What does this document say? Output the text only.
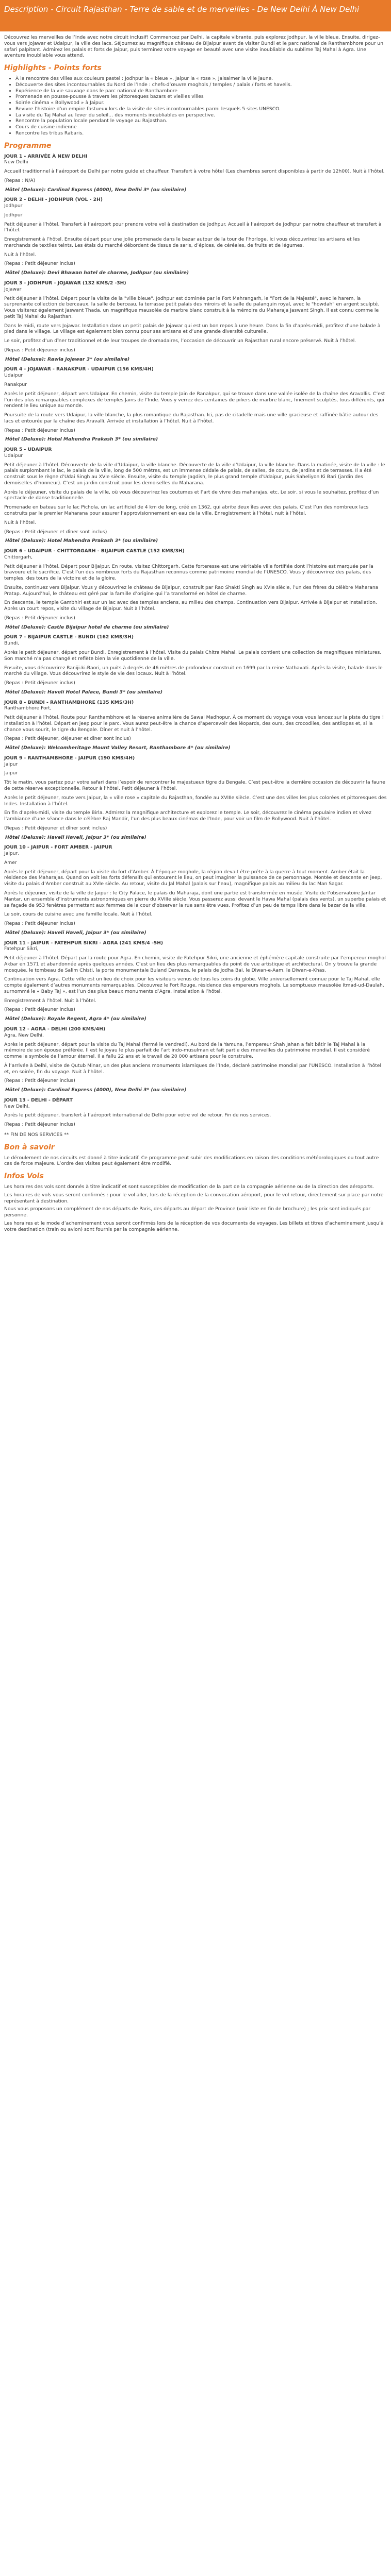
Description - Circuit Rajasthan - Terre de sable et de merveilles - De New Delhi À New Delhi

Découvrez les merveilles de l’Inde avec notre circuit inclusif! Commencez par Delhi, la capitale vibrante, puis explorez Jodhpur, la ville bleue. Ensuite, dirigez-vous vers Jojawar et Udaipur, la ville des lacs. Séjournez au magnifique château de Bijaipur avant de visiter Bundi et le parc national de Ranthambhore pour un safari palpitant. Admirez les palais et forts de Jaipur, puis terminez votre voyage en beauté avec une visite inoubliable du sublime Taj Mahal à Agra. Une aventure inoubliable vous attend.

Highlights - Points forts
• À la rencontre des villes aux couleurs pastel : Jodhpur la « bleue », Jaipur la « rose », Jaisalmer la ville jaune.
• Découverte des sites incontournables du Nord de l’Inde : chefs-d’œuvre moghols / temples / palais / forts et havelis.
• Expérience de la vie sauvage dans le parc national de Ranthambore
• Promenade en pousse-pousse à travers les pittoresques bazars et vieilles villes
• Soirée cinéma « Bollywood » à Jaipur.
• Revivre l’histoire d’un empire fastueux lors de la visite de sites incontournables parmi lesquels 5 sites UNESCO.
• La visite du Taj Mahal au lever du soleil… des moments inoubliables en perspective.
• Rencontre la population locale pendant le voyage au Rajasthan.
• Cours de cuisine indienne
• Rencontre les tribus Rabaris.
Programme

JOUR 1 - ARRIVÉE À NEW DELHI

New Delhi

Accueil traditionnel à l’aéroport de Delhi par notre guide et chauffeur. Transfert à votre hôtel (Les chambres seront disponibles à partir de 12h00). Nuit à l’hôtel.

(Repas : N/A)

Hôtel (Deluxe): Cardinal Express (4000), New Delhi 3* (ou similaire)

JOUR 2 - DELHI - JODHPUR (VOL - 2H)

Jodhpur

Jodhpur

Petit déjeuner à l’hôtel. Transfert à l’aéroport pour prendre votre vol à destination de Jodhpur. Accueil à l’aéroport de Jodhpur par notre chauffeur et transfert à l’hôtel.

Enregistrement à l’hôtel. Ensuite départ pour une jolie promenade dans le bazar autour de la tour de l’horloge. Ici vous découvrirez les artisans et les marchands de textiles teints. Les étals du marché débordent de tissus de saris, d’épices, de céréales, de fruits et de légumes.

Nuit à l’hôtel.

(Repas : Petit déjeuner inclus)

Hôtel (Deluxe): Devi Bhawan hotel de charme, Jodhpur (ou similaire)

JOUR 3 - JODHPUR - JOJAWAR (132 KMS/2 -3H)

Jojawar

Petit déjeuner à l’hôtel. Départ pour la visite de la "ville bleue". Jodhpur est dominée par le Fort Mehrangarh, le "Fort de la Majesté", avec le harem, la surprenante collection de berceaux, la salle de berceau, la terrasse petit palais des miroirs et la salle du palanquin royal, avec le "howdah" en argent sculpté. Vous visiterez également Jaswant Thada, un magnifique mausolée de marbre blanc construit à la mémoire du Maharaja Jaswant Singh. Il est connu comme le petit Taj Mahal du Rajasthan.

Dans le midi, route vers Jojawar. Installation dans un petit palais de Jojawar qui est un bon repos à une heure. Dans la fin d’après-midi, profitez d’une balade à pied dans le village. Le village est également bien connu pour ses artisans et d’une grande diversité culturelle.

Le soir, profitez d’un dîner traditionnel et de leur troupes de dromadaires, l’occasion de découvrir un Rajasthan rural encore préservé. Nuit à l’hôtel.

(Repas : Petit déjeuner inclus)

Hôtel (Deluxe): Rawla Jojawar 3* (ou similaire)

JOUR 4 - JOJAWAR - RANAKPUR - UDAIPUR (156 KMS/4H)

Udaipur

Ranakpur

Après le petit déjeuner, départ vers Udaipur. En chemin, visite du temple Jain de Ranakpur, qui se trouve dans une vallée isolée de la chaîne des Aravallis. C’est l’un des plus remarquables complexes de temples Jains de l’Inde. Vous y verrez des centaines de piliers de marbre blanc, finement sculptés, tous différents, qui rendent le lieu unique au monde.

Poursuite de la route vers Udaipur, la ville blanche, la plus romantique du Rajasthan. Ici, pas de citadelle mais une ville gracieuse et raffinée bâtie autour des lacs et entourée par la chaîne des Aravalli. Arrivée et installation à l’hôtel. Nuit à l’hôtel.

(Repas : Petit déjeuner inclus)

Hôtel (Deluxe): Hotel Mahendra Prakash 3* (ou similaire)

JOUR 5 - UDAIPUR

Udaipur

Petit déjeuner à l’hôtel. Découverte de la ville d’Udaipur, la ville blanche. Découverte de la ville d’Udaipur, la ville blanche. Dans la matinée, visite de la ville : le palais surplombant le lac, le palais de la ville, long de 500 mètres, est un immense dédale de palais, de salles, de cours, de jardins et de terrasses. Il a été construit sous le règne d’Udai Singh au XVIe siècle. Ensuite, visite du temple Jagdish, le plus grand temple d’Udaipur, puis Saheliyon Ki Bari (jardin des demoiselles d’honneur). C’est un jardin construit pour les demoiselles du Maharana.

Après le déjeuner, visite du palais de la ville, où vous découvrirez les coutumes et l’art de vivre des maharajas, etc. Le soir, si vous le souhaitez, profitez d’un spectacle de danse traditionnelle.

Promenade en bateau sur le lac Pichola, un lac artificiel de 4 km de long, créé en 1362, qui abrite deux îles avec des palais. C’est l’un des nombreux lacs construits par le premier Maharana pour assurer l’approvisionnement en eau de la ville. Enregistrement à l’hôtel, nuit à l’hôtel.

Nuit à l’hôtel.

(Repas : Petit déjeuner et dîner sont inclus)

Hôtel (Deluxe): Hotel Mahendra Prakash 3* (ou similaire)

JOUR 6 - UDAIPUR - CHITTORGARH - BIJAIPUR CASTLE (152 KMS/3H)

Chittorgarh,

Petit déjeuner à l’hôtel. Départ pour Bijaipur. En route, visitez Chittorgarh. Cette forteresse est une véritable ville fortifiée dont l’histoire est marquée par la bravoure et le sacrifice. C’est l’un des nombreux forts du Rajasthan reconnus comme patrimoine mondial de l’UNESCO. Vous y découvrirez des palais, des temples, des tours de la victoire et de la gloire.

Ensuite, continuez vers Bijaipur. Vous y découvrirez le château de Bijaipur, construit par Rao Shakti Singh au XVIe siècle, l’un des frères du célèbre Maharana Pratap. Aujourd’hui, le château est géré par la famille d’origine qui l’a transformé en hôtel de charme.

En descente, le temple Gambhiri est sur un lac avec des temples anciens, au milieu des champs. Continuation vers Bijaipur. Arrivée à Bijaipur et installation. Après un court repos, visite du village de Bijaipur. Nuit à l’hôtel.

(Repas : Petit déjeuner inclus)

Hôtel (Deluxe): Castle Bijaipur hotel de charme (ou similaire)

JOUR 7 - BIJAIPUR CASTLE - BUNDI (162 KMS/3H)

Bundi,

Après le petit déjeuner, départ pour Bundi. Enregistrement à l’hôtel. Visite du palais Chitra Mahal. Le palais contient une collection de magnifiques miniatures. Son marché n’a pas changé et reflète bien la vie quotidienne de la ville.

Ensuite, vous découvrirez Raniji-ki-Baori, un puits à degrés de 46 mètres de profondeur construit en 1699 par la reine Nathavati. Après la visite, balade dans le marché du village. Vous découvrirez le style de vie des locaux. Nuit à l’hôtel.

(Repas : Petit déjeuner inclus)

Hôtel (Deluxe): Haveli Hotel Palace, Bundi 3* (ou similaire)

JOUR 8 - BUNDI - RANTHAMBHORE (135 KMS/3H)

Ranthambhore Fort,

Petit déjeuner à l’hôtel. Route pour Ranthambhore et la réserve animalière de Sawai Madhopur. À ce moment du voyage vous vous lancez sur la piste du tigre ! Installation à l’hôtel. Départ en jeep pour le parc. Vous aurez peut-être la chance d’apercevoir des léopards, des ours, des crocodiles, des antilopes et, si la chance vous sourit, le tigre du Bengale. Dîner et nuit à l’hôtel.

(Repas : Petit déjeuner, déjeuner et dîner sont inclus)

Hôtel (Deluxe): Welcomheritage Mount Valley Resort, Ranthambore 4* (ou similaire)

JOUR 9 - RANTHAMBHORE - JAIPUR (190 KMS/4H)

Jaipur

Jaipur

Tôt le matin, vous partez pour votre safari dans l’espoir de rencontrer le majestueux tigre du Bengale. C’est peut-être la dernière occasion de découvrir la faune de cette réserve exceptionnelle. Retour à l’hôtel. Petit déjeuner à l’hôtel.

Après le petit déjeuner, route vers Jaipur, la « ville rose » capitale du Rajasthan, fondée au XVIIIe siècle. C’est une des villes les plus colorées et pittoresques des Indes. Installation à l’hôtel.

En fin d’après-midi, visite du temple Birla. Admirez la magnifique architecture et explorez le temple. Le soir, découvrez le cinéma populaire indien et vivez l’ambiance d’une séance dans le célèbre Raj Mandir, l’un des plus beaux cinémas de l’Inde, pour voir un film de Bollywood. Nuit à l’hôtel.

(Repas : Petit déjeuner et dîner sont inclus)

Hôtel (Deluxe): Haveli Haveli, Jaipur 3* (ou similaire)

JOUR 10 - JAIPUR - FORT AMBER - JAIPUR

Jaipur,

Amer

Après le petit déjeuner, départ pour la visite du fort d’Amber. À l’époque moghole, la région devait être prête à la guerre à tout moment. Amber était la résidence des Maharajas. Quand on voit les forts défensifs qui entourent le lieu, on peut imaginer la puissance de ce personnage. Montée et descente en jeep, visite du palais d’Amber construit au XVIe siècle. Au retour, visite du Jal Mahal (palais sur l’eau), magnifique palais au milieu du lac Man Sagar.

Après le déjeuner, visite de la ville de Jaipur : le City Palace, le palais du Maharaja, dont une partie est transformée en musée. Visite de l’observatoire Jantar Mantar, un ensemble d’instruments astronomiques en pierre du XVIIIe siècle. Vous passerez aussi devant le Hawa Mahal (palais des vents), un superbe palais et sa façade de 953 fenêtres permettant aux femmes de la cour d’observer la rue sans être vues. Profitez d’un peu de temps libre dans le bazar de la ville.

Le soir, cours de cuisine avec une famille locale. Nuit à l’hôtel.

(Repas : Petit déjeuner inclus)

Hôtel (Deluxe): Haveli Haveli, Jaipur 3* (ou similaire)

JOUR 11 - JAIPUR - FATEHPUR SIKRI - AGRA (241 KMS/4 -5H)

Fatehpur Sikri,

Petit déjeuner à l’hôtel. Départ par la route pour Agra. En chemin, visite de Fatehpur Sikri, une ancienne et éphémère capitale construite par l’empereur moghol Akbar en 1571 et abandonnée après quelques années. C’est un lieu des plus remarquables du point de vue artistique et architectural. On y trouve la grande mosquée, le tombeau de Salim Chisti, la porte monumentale Buland Darwaza, le palais de Jodha Bai, le Diwan-e-Aam, le Diwan-e-Khas.

Continuation vers Agra. Cette ville est un lieu de choix pour les visiteurs venus de tous les coins du globe. Ville universellement connue pour le Taj Mahal, elle compte également d’autres monuments remarquables. Découvrez le Fort Rouge, résidence des empereurs moghols. Le somptueux mausolée Itmad-ud-Daulah, surnommé le « Baby Taj », est l’un des plus beaux monuments d’Agra. Installation à l’hôtel.

Enregistrement à l’hôtel. Nuit à l’hôtel.

(Repas : Petit déjeuner inclus)

Hôtel (Deluxe): Royale Regent, Agra 4* (ou similaire)

JOUR 12 - AGRA - DELHI (200 KMS/4H)

Agra, New Delhi,

Après le petit déjeuner, départ pour la visite du Taj Mahal (fermé le vendredi). Au bord de la Yamuna, l’empereur Shah Jahan a fait bâtir le Taj Mahal à la mémoire de son épouse préférée. Il est le joyau le plus parfait de l’art indo-musulman et fait partie des merveilles du patrimoine mondial. Il est considéré comme le symbole de l’amour éternel. Il a fallu 22 ans et le travail de 20 000 artisans pour le construire.

À l’arrivée à Delhi, visite de Qutub Minar, un des plus anciens monuments islamiques de l’Inde, déclaré patrimoine mondial par l’UNESCO. Installation à l’hôtel et, en soirée, fin du voyage. Nuit à l’hôtel.

(Repas : Petit déjeuner inclus)

Hôtel (Deluxe): Cardinal Express (4000), New Delhi 3* (ou similaire)

JOUR 13 - DELHI - DÉPART

New Delhi,

Après le petit déjeuner, transfert à l’aéroport international de Delhi pour votre vol de retour. Fin de nos services.

(Repas : Petit déjeuner inclus)

** FIN DE NOS SERVICES **

Bon à savoir

Le déroulement de nos circuits est donné à titre indicatif. Ce programme peut subir des modifications en raison des conditions météorologiques ou tout autre cas de force majeure. L’ordre des visites peut également être modifié.

Infos Vols

Les horaires des vols sont donnés à titre indicatif et sont susceptibles de modification de la part de la compagnie aérienne ou de la direction des aéroports.

Les horaires de vols vous seront confirmés : pour le vol aller, lors de la réception de la convocation aéroport, pour le vol retour, directement sur place par notre représentant à destination.

Nous vous proposons un complément de nos départs de Paris, des départs au départ de Province (voir liste en fin de brochure) ; les prix sont indiqués par personne.

Les horaires et le mode d’acheminement vous seront confirmés lors de la réception de vos documents de voyages. Les billets et titres d’acheminement jusqu’à votre destination (train ou avion) sont fournis par la compagnie aérienne.
